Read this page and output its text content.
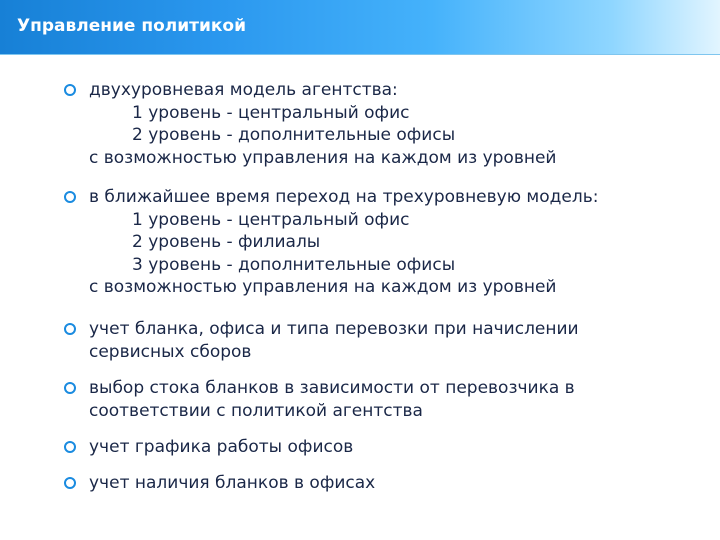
Управление политикой
двухуровневая модель агентства:
1 уровень - центральный офис
2 уровень - дополнительные офисы
с возможностью управления на каждом из уровней
в ближайшее время переход на трехуровневую модель:
1 уровень - центральный офис
2 уровень - филиалы
3 уровень - дополнительные офисы
с возможностью управления на каждом из уровней
учет бланка, офиса и типа перевозки при начислении
сервисных сборов
выбор стока бланков в зависимости от перевозчика в
соответствии с политикой агентства
учет графика работы офисов
учет наличия бланков в офисах
